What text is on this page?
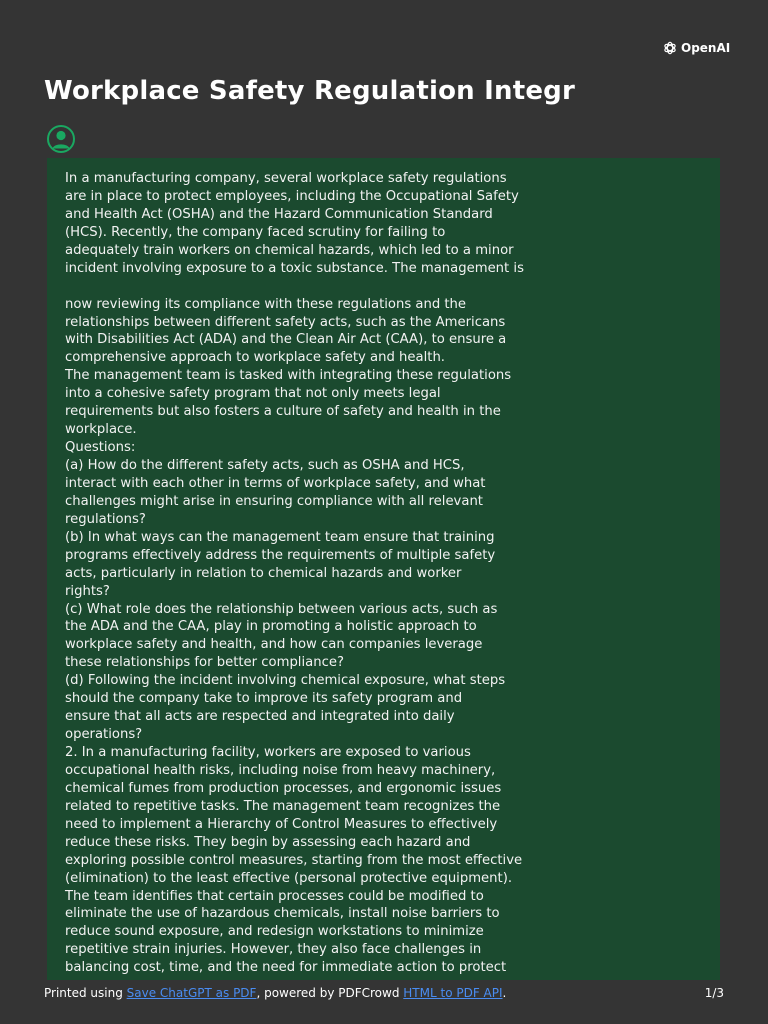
OpenAI
Workplace Safety Regulation Integr
In a manufacturing company, several workplace safety regulations
are in place to protect employees, including the Occupational Safety
and Health Act (OSHA) and the Hazard Communication Standard
(HCS). Recently, the company faced scrutiny for failing to
adequately train workers on chemical hazards, which led to a minor
incident involving exposure to a toxic substance. The management is
now reviewing its compliance with these regulations and the
relationships between different safety acts, such as the Americans
with Disabilities Act (ADA) and the Clean Air Act (CAA), to ensure a
comprehensive approach to workplace safety and health.
The management team is tasked with integrating these regulations
into a cohesive safety program that not only meets legal
requirements but also fosters a culture of safety and health in the
workplace.
Questions:
(a) How do the different safety acts, such as OSHA and HCS,
interact with each other in terms of workplace safety, and what
challenges might arise in ensuring compliance with all relevant
regulations?
(b) In what ways can the management team ensure that training
programs effectively address the requirements of multiple safety
acts, particularly in relation to chemical hazards and worker
rights?
(c) What role does the relationship between various acts, such as
the ADA and the CAA, play in promoting a holistic approach to
workplace safety and health, and how can companies leverage
these relationships for better compliance?
(d) Following the incident involving chemical exposure, what steps
should the company take to improve its safety program and
ensure that all acts are respected and integrated into daily
operations?
2. In a manufacturing facility, workers are exposed to various
occupational health risks, including noise from heavy machinery,
chemical fumes from production processes, and ergonomic issues
related to repetitive tasks. The management team recognizes the
need to implement a Hierarchy of Control Measures to effectively
reduce these risks. They begin by assessing each hazard and
exploring possible control measures, starting from the most effective
(elimination) to the least effective (personal protective equipment).
The team identifies that certain processes could be modified to
eliminate the use of hazardous chemicals, install noise barriers to
reduce sound exposure, and redesign workstations to minimize
repetitive strain injuries. However, they also face challenges in
balancing cost, time, and the need for immediate action to protect
Printed using Save ChatGPT as PDF, powered by PDFCrowd HTML to PDF API.	1/3
